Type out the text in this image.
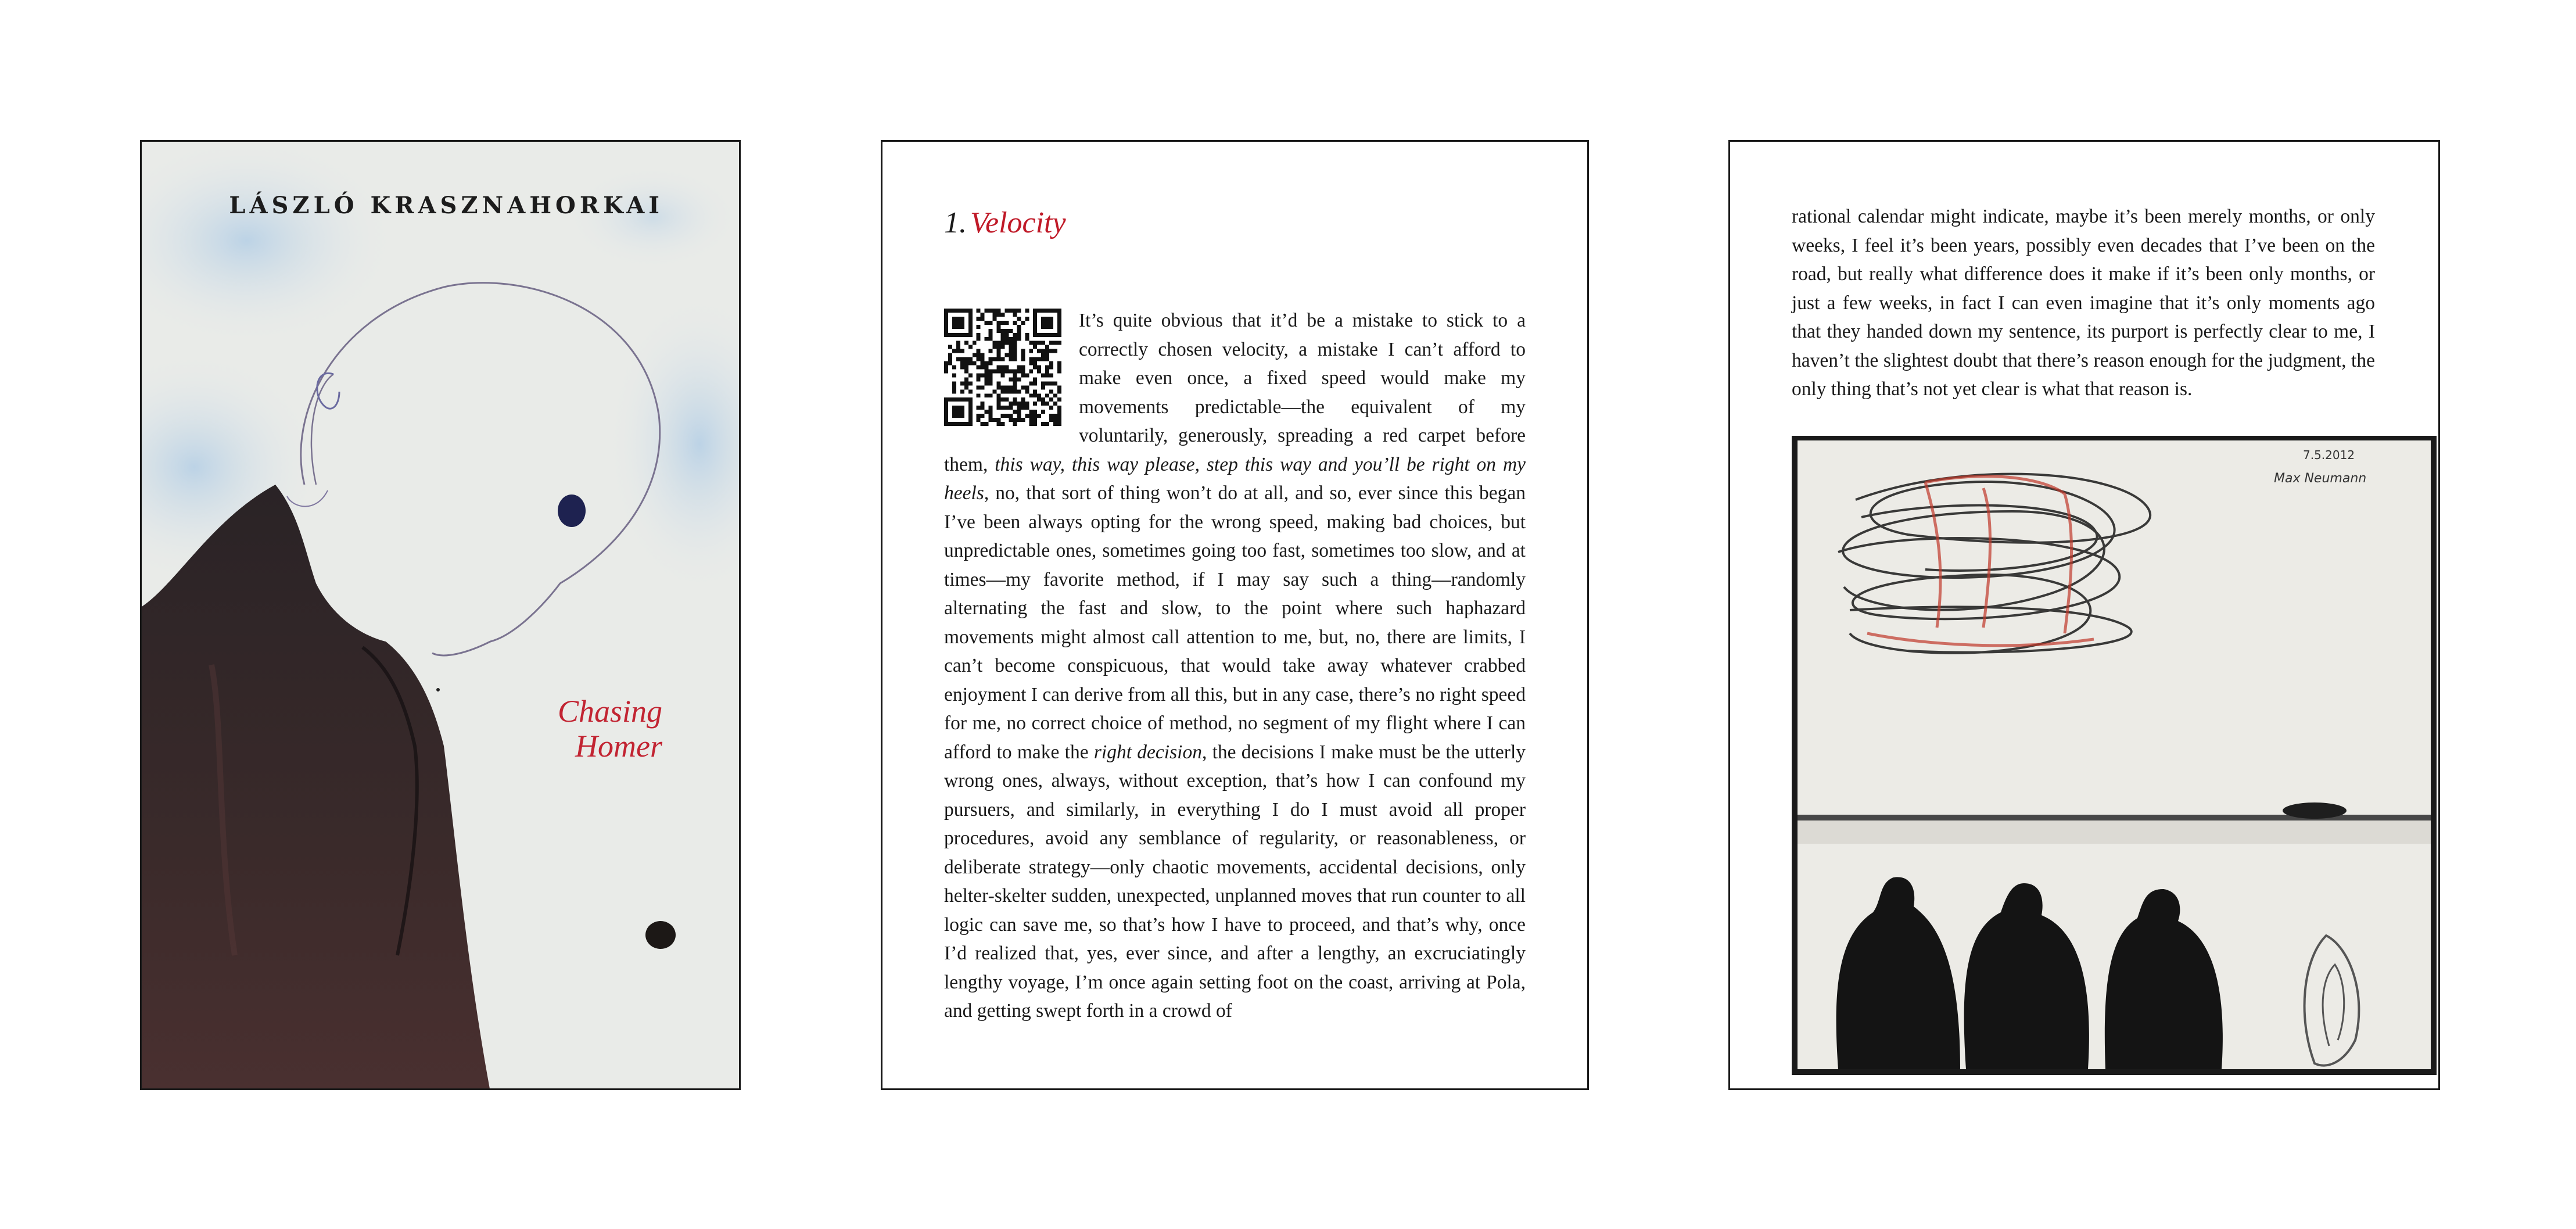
LÁSZLÓ KRASZNAHORKAI
Chasing
Homer
1. Velocity

It’s quite obvious that it’d be a mistake to stick to a correctly chosen velocity, a mistake I can’t afford to make even once, a fixed speed would make my movements predictable—the equivalent of my voluntarily, generously, spreading a red carpet before them, this way, this way please, step this way and you’ll be right on my heels, no, that sort of thing won’t do at all, and so, ever since this began I’ve been always opting for the wrong speed, making bad choices, but unpredictable ones, sometimes going too fast, sometimes too slow, and at times—my favorite method, if I may say such a thing—randomly alternating the fast and slow, to the point where such haphazard movements might almost call attention to me, but, no, there are limits, I can’t become conspicuous, that would take away whatever crabbed enjoyment I can derive from all this, but in any case, there’s no right speed for me, no correct choice of method, no segment of my flight where I can afford to make the right decision, the decisions I make must be the utterly wrong ones, always, without exception, that’s how I can confound my pursuers, and similarly, in everything I do I must avoid all proper procedures, avoid any semblance of regularity, or reasonableness, or deliberate strategy—only chaotic movements, accidental decisions, only helter-skelter sudden, unexpected, unplanned moves that run counter to all logic can save me, so that’s how I have to proceed, and that’s why, once I’d realized that, yes, ever since, and after a lengthy, an excruciatingly lengthy voyage, I’m once again setting foot on the coast, arriving at Pola, and getting swept forth in a crowd of

rational calendar might indicate, maybe it’s been merely months, or only weeks, I feel it’s been years, possibly even decades that I’ve been on the road, but really what difference does it make if it’s been only months, or just a few weeks, in fact I can even imagine that it’s only moments ago that they handed down my sentence, its purport is perfectly clear to me, I haven’t the slightest doubt that there’s reason enough for the judgment, the only thing that’s not yet clear is what that reason is.

7.5.2012
Max Neumann
